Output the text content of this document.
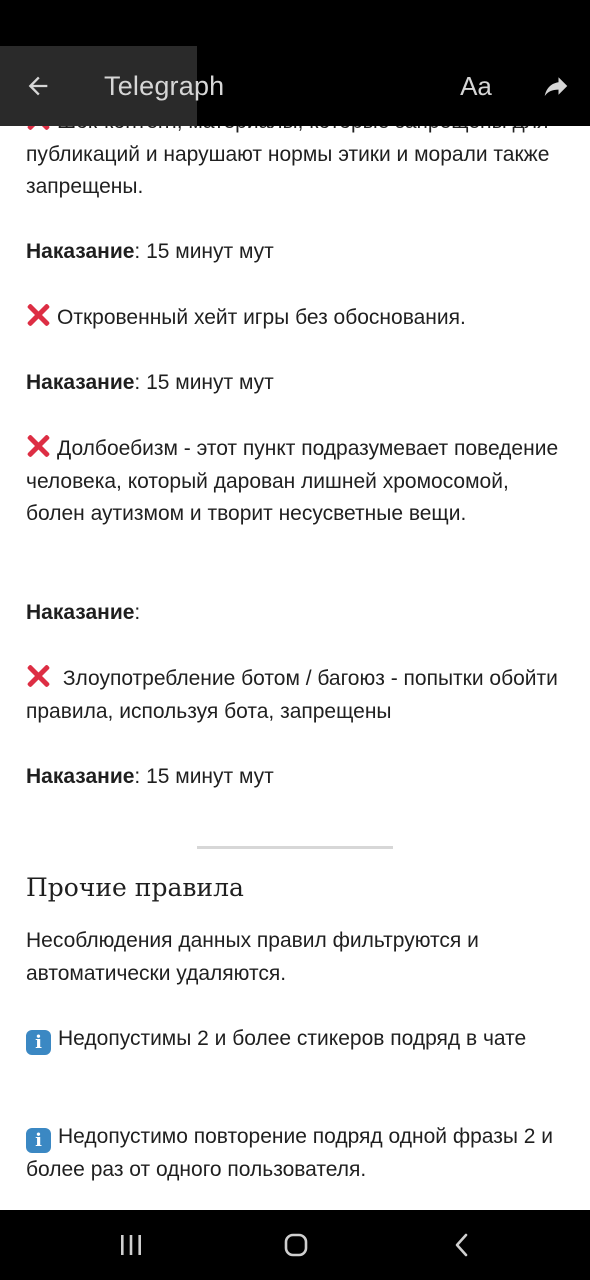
публикаций и нарушают нормы этики и морали также запрещены.

Наказание: 15 минут мут

Откровенный хейт игры без обоснования.

Наказание: 15 минут мут

Долбоебизм - этот пункт подразумевает поведение человека, который дарован лишней хромосомой, болен аутизмом и творит несусветные вещи.

Наказание:

Злоупотребление ботом / багоюз - попытки обойти правила, используя бота, запрещены

Наказание: 15 минут мут

Прочие правила

Несоблюдения данных правил фильтруются и автоматически удаляются.

i Недопустимы 2 и более стикеров подряд в чате

i Недопустимо повторение подряд одной фразы 2 и более раз от одного пользователя.

Telegraph	Aa
